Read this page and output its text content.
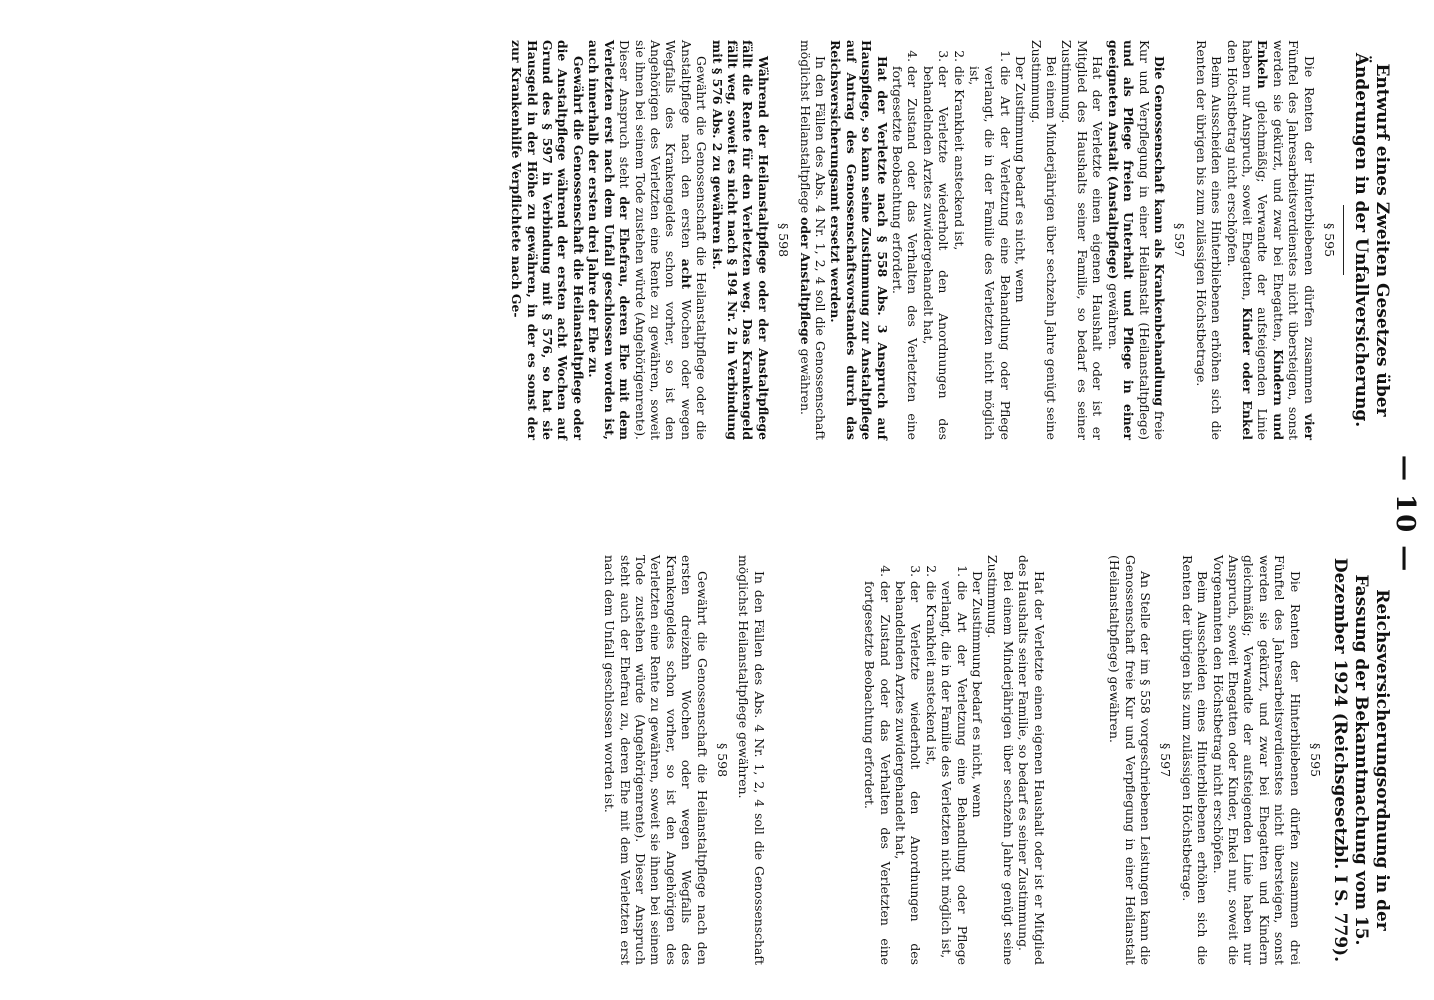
— 10 —
Entwurf eines Zweiten Gesetzes über Änderungen in der Unfallversicherung.
§ 595

Die Renten der Hinterbliebenen dürfen zusammen vier Fünftel des Jahresarbeitsverdienstes nicht übersteigen, sonst werden sie gekürzt, und zwar bei Ehegatten, Kindern und Enkeln gleichmäßig; Verwandte der aufsteigenden Linie haben nur Anspruch, soweit Ehegatten, Kinder oder Enkel den Höchstbetrag nicht erschöpfen.

Beim Ausscheiden eines Hinterbliebenen erhöhen sich die Renten der übrigen bis zum zulässigen Höchstbetrage.

§ 597

Die Genossenschaft kann als Krankenbehandlung freie Kur und Verpflegung in einer Heilanstalt (Heilanstaltpflege) und als Pflege freien Unterhalt und Pflege in einer geeigneten Anstalt (Anstaltpflege) gewähren.

Hat der Verletzte einen eigenen Haushalt oder ist er Mitglied des Haushalts seiner Familie, so bedarf es seiner Zustimmung.

Bei einem Minderjährigen über sechzehn Jahre genügt seine Zustimmung.

Der Zustimmung bedarf es nicht, wenn

1. die Art der Verletzung eine Behandlung oder Pflege verlangt, die in der Familie des Verletzten nicht möglich ist,
2. die Krankheit ansteckend ist,
3. der Verletzte wiederholt den Anordnungen des behandelnden Arztes zuwidergehandelt hat,
4. der Zustand oder das Verhalten des Verletzten eine fortgesetzte Beobachtung erfordert.

Hat der Verletzte nach § 558 Abs. 3 Anspruch auf Hauspflege, so kann seine Zustimmung zur Anstaltpflege auf Antrag des Genossenschaftsvorstandes durch das Reichsversicherungsamt ersetzt werden.

In den Fällen des Abs. 4 Nr. 1, 2, 4 soll die Genossenschaft möglichst Heilanstaltpflege oder Anstaltpflege gewähren.

§ 598

Während der Heilanstaltpflege oder der Anstaltpflege fällt die Rente für den Verletzten weg. Das Krankengeld fällt weg, soweit es nicht nach § 194 Nr. 2 in Verbindung mit § 576 Abs. 2 zu gewähren ist.

Gewährt die Genossenschaft die Heilanstaltpflege oder die Anstaltpflege nach den ersten acht Wochen oder wegen Wegfalls des Krankengeldes schon vorher, so ist den Angehörigen des Verletzten eine Rente zu gewähren, soweit sie ihnen bei seinem Tode zustehen würde (Angehörigenrente). Dieser Anspruch steht der Ehefrau, deren Ehe mit dem Verletzten erst nach dem Unfall geschlossen worden ist, auch innerhalb der ersten drei Jahre der Ehe zu.

Gewährt die Genossenschaft die Heilanstaltpflege oder die Anstaltpflege während der ersten acht Wochen auf Grund des § 597 in Verbindung mit § 576, so hat sie Hausgeld in der Höhe zu gewähren, in der es sonst der zur Krankenhilfe Verpflichtete nach Ge-

Reichsversicherungsordnung in der Fassung der Bekanntmachung vom 15. Dezember 1924 (Reichsgesetzbl. I S. 779).
§ 595

Die Renten der Hinterbliebenen dürfen zusammen drei Fünftel des Jahresarbeitsverdienstes nicht übersteigen, sonst werden sie gekürzt, und zwar bei Ehegatten und Kindern gleichmäßig; Verwandte der aufsteigenden Linie haben nur Anspruch, soweit Ehegatten oder Kinder, Enkel nur, soweit die Vorgenannten den Höchstbetrag nicht erschöpfen.

Beim Ausscheiden eines Hinterbliebenen erhöhen sich die Renten der übrigen bis zum zulässigen Höchstbetrage.

§ 597

An Stelle der im § 558 vorgeschriebenen Leistungen kann die Genossenschaft freie Kur und Verpflegung in einer Heilanstalt (Heilanstaltpflege) gewähren.

Hat der Verletzte einen eigenen Haushalt oder ist er Mitglied des Haushalts seiner Familie, so bedarf es seiner Zustimmung.

Bei einem Minderjährigen über sechzehn Jahre genügt seine Zustimmung.

Der Zustimmung bedarf es nicht, wenn

1. die Art der Verletzung eine Behandlung oder Pflege verlangt, die in der Familie des Verletzten nicht möglich ist,
2. die Krankheit ansteckend ist,
3. der Verletzte wiederholt den Anordnungen des behandelnden Arztes zuwidergehandelt hat,
4. der Zustand oder das Verhalten des Verletzten eine fortgesetzte Beobachtung erfordert.

In den Fällen des Abs. 4 Nr. 1, 2, 4 soll die Genossenschaft möglichst Heilanstaltpflege gewähren.

§ 598

Gewährt die Genossenschaft die Heilanstaltpflege nach den ersten dreizehn Wochen oder wegen Wegfalls des Krankengeldes schon vorher, so ist den Angehörigen des Verletzten eine Rente zu gewähren, soweit sie ihnen bei seinem Tode zustehen würde (Angehörigenrente). Dieser Anspruch steht auch der Ehefrau zu, deren Ehe mit dem Verletzten erst nach dem Unfall geschlossen worden ist.
